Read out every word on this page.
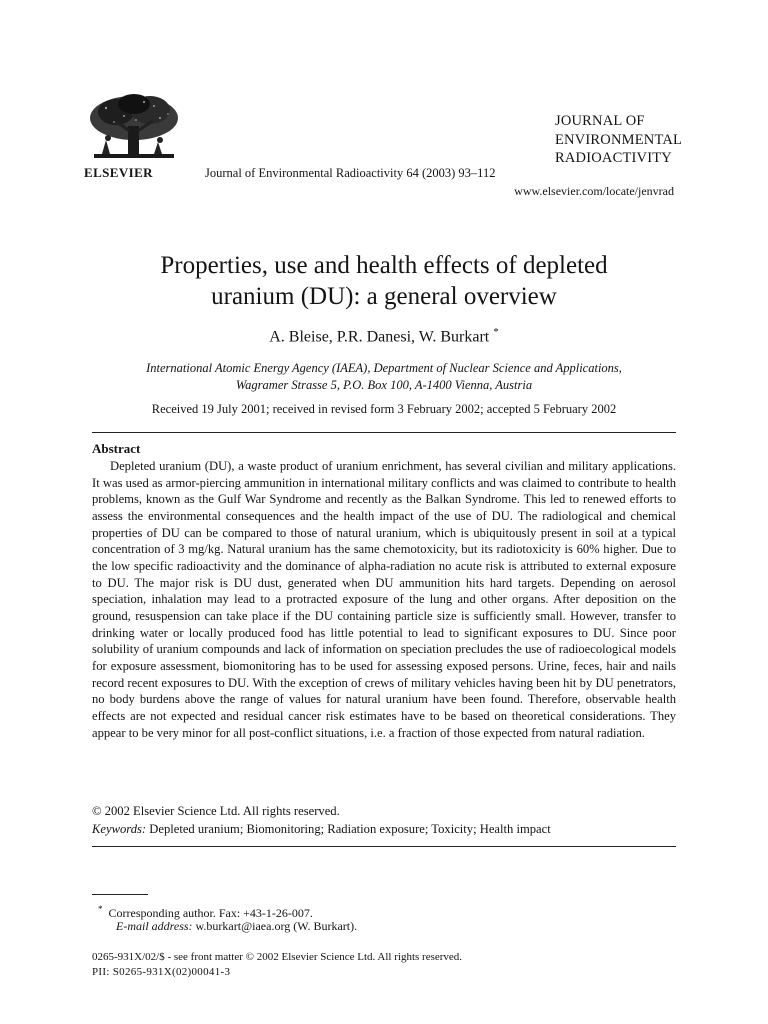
ELSEVIER	Journal of Environmental Radioactivity 64 (2003) 93–112
JOURNAL OF
ENVIRONMENTAL
RADIOACTIVITY
www.elsevier.com/locate/jenvrad
Properties, use and health effects of depleted
uranium (DU): a general overview
A. Bleise, P.R. Danesi, W. Burkart *
International Atomic Energy Agency (IAEA), Department of Nuclear Science and Applications,
Wagramer Strasse 5, P.O. Box 100, A-1400 Vienna, Austria
Received 19 July 2001; received in revised form 3 February 2002; accepted 5 February 2002
Abstract
Depleted uranium (DU), a waste product of uranium enrichment, has several civilian and military applications. It was used as armor-piercing ammunition in international military conflicts and was claimed to contribute to health problems, known as the Gulf War Syndrome and recently as the Balkan Syndrome. This led to renewed efforts to assess the environmental consequences and the health impact of the use of DU. The radiological and chemical properties of DU can be compared to those of natural uranium, which is ubiquitously present in soil at a typical concentration of 3 mg/kg. Natural uranium has the same chemotoxicity, but its radiotoxicity is 60% higher. Due to the low specific radioactivity and the dominance of alpha-radiation no acute risk is attributed to external exposure to DU. The major risk is DU dust, generated when DU ammunition hits hard targets. Depending on aerosol speciation, inhalation may lead to a protracted exposure of the lung and other organs. After deposition on the ground, resuspension can take place if the DU containing particle size is sufficiently small. However, transfer to drinking water or locally produced food has little potential to lead to significant exposures to DU. Since poor solubility of uranium compounds and lack of information on speciation precludes the use of radioecological models for exposure assessment, biomonitoring has to be used for assessing exposed persons. Urine, feces, hair and nails record recent exposures to DU. With the exception of crews of military vehicles having been hit by DU penetrators, no body burdens above the range of values for natural uranium have been found. Therefore, observable health effects are not expected and residual cancer risk estimates have to be based on theoretical considerations. They appear to be very minor for all post-conflict situations, i.e. a fraction of those expected from natural radiation.
© 2002 Elsevier Science Ltd. All rights reserved.
Keywords: Depleted uranium; Biomonitoring; Radiation exposure; Toxicity; Health impact
* Corresponding author. Fax: +43-1-26-007.
E-mail address: w.burkart@iaea.org (W. Burkart).
0265-931X/02/$ - see front matter © 2002 Elsevier Science Ltd. All rights reserved.
PII: S0265-931X(02)00041-3
